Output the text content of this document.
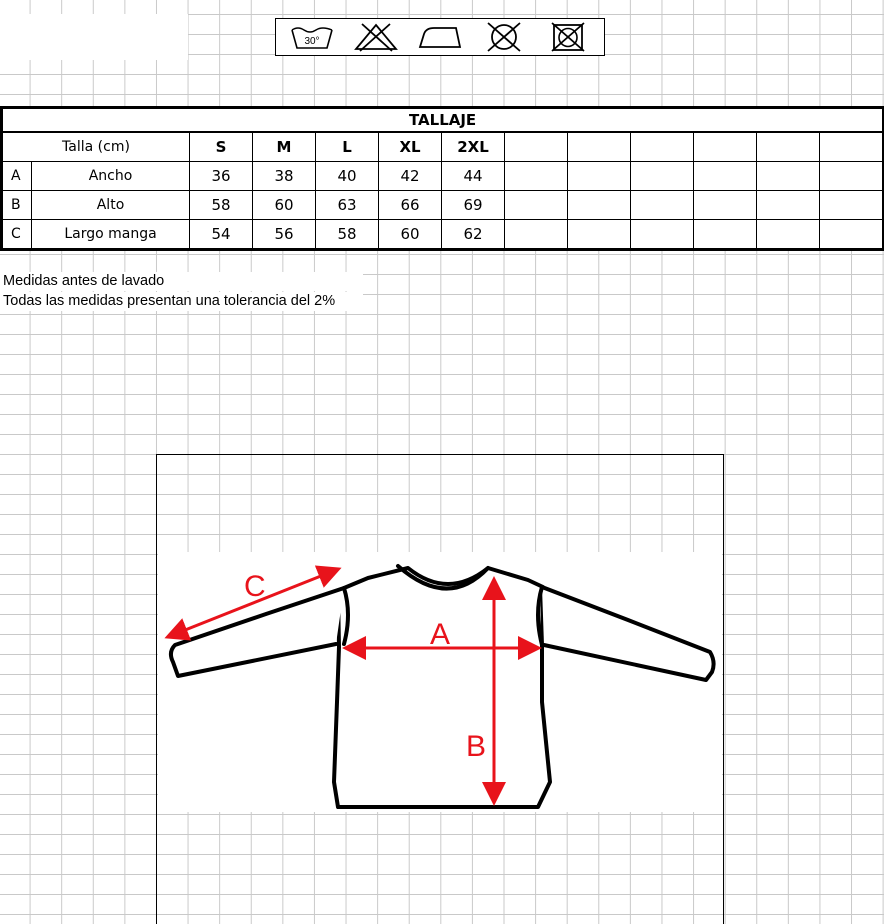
30°
TALLAJE												
Talla (cm)		S	M	L	XL	2XL						
A	Ancho	36	38	40	42	44						
B	Alto	58	60	63	66	69						
C	Largo manga	54	56	58	60	62						
Medidas antes de lavado
Todas las medidas presentan una tolerancia del 2%
A
B
C
